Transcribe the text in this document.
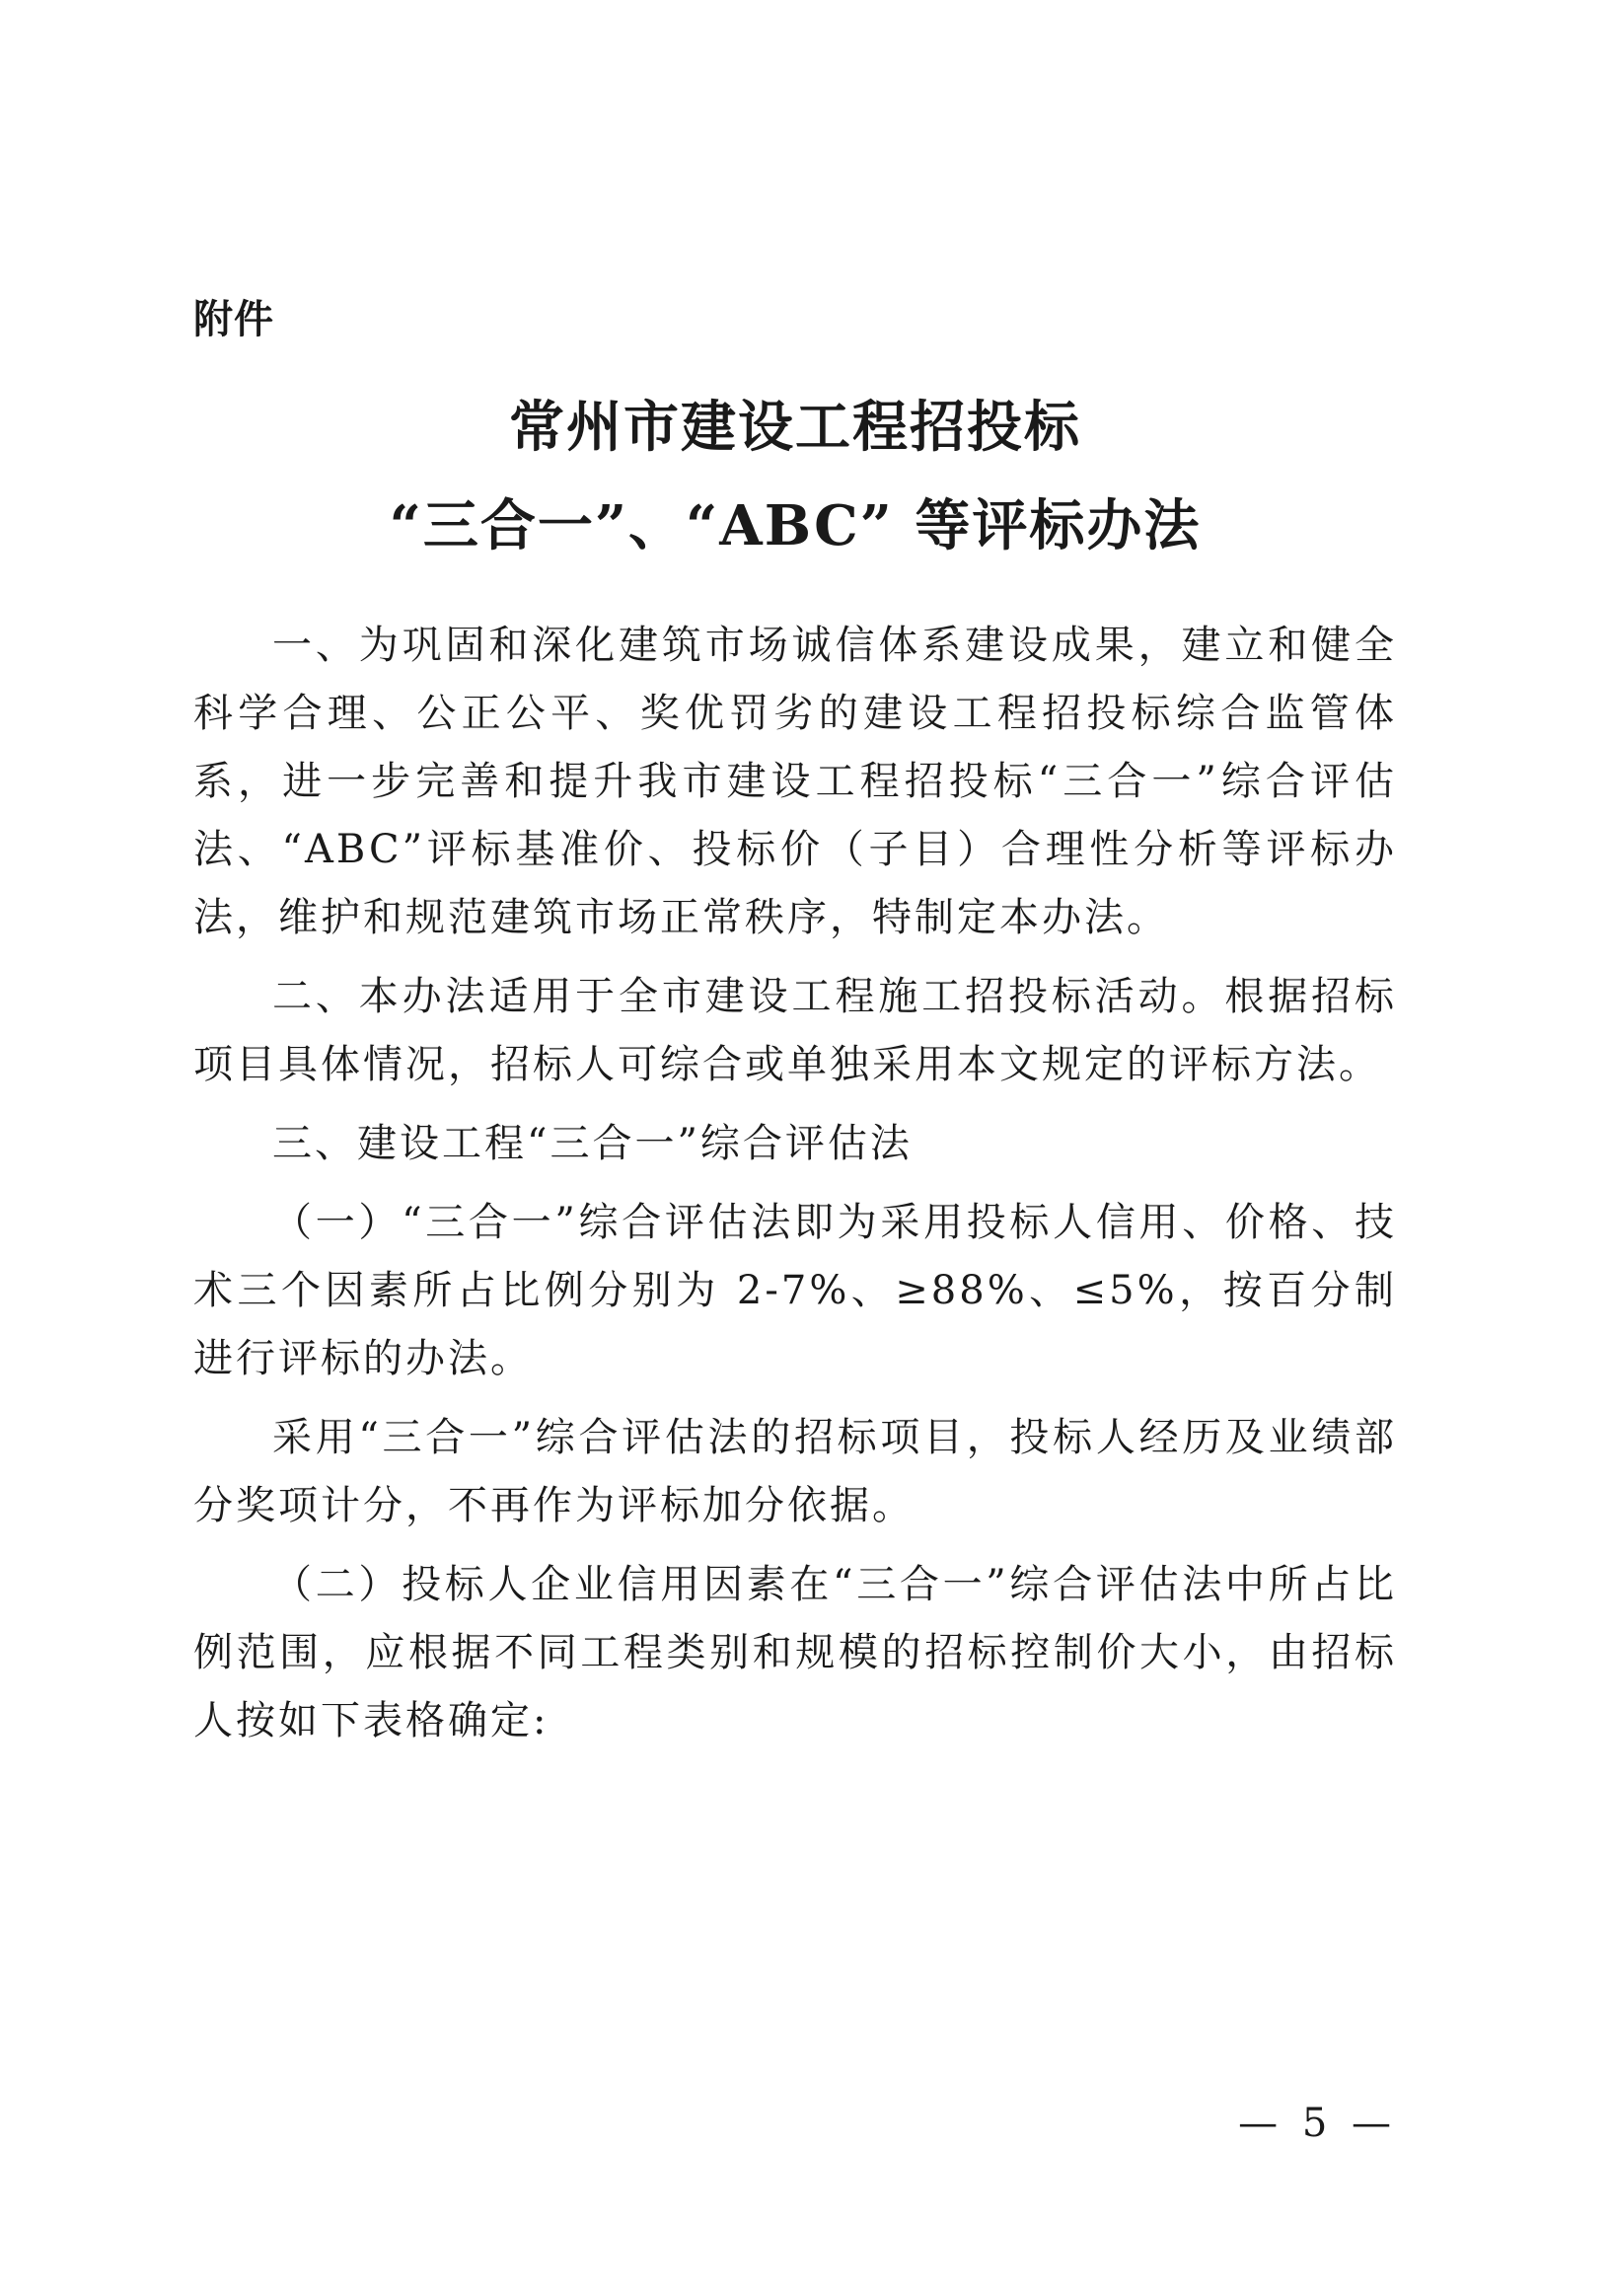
附件
常州市建设工程招投标
“三合一”、“ABC” 等评标办法

一、为巩固和深化建筑市场诚信体系建设成果，建立和健全科学合理、公正公平、奖优罚劣的建设工程招投标综合监管体系，进一步完善和提升我市建设工程招投标“三合一”综合评估法、“ABC”评标基准价、投标价（子目）合理性分析等评标办法，维护和规范建筑市场正常秩序，特制定本办法。

二、本办法适用于全市建设工程施工招投标活动。根据招标项目具体情况，招标人可综合或单独采用本文规定的评标方法。

三、建设工程“三合一”综合评估法

（一）“三合一”综合评估法即为采用投标人信用、价格、技术三个因素所占比例分别为 2-7%、≥88%、≤5%，按百分制进行评标的办法。

采用“三合一”综合评估法的招标项目，投标人经历及业绩部分奖项计分，不再作为评标加分依据。

（二）投标人企业信用因素在“三合一”综合评估法中所占比例范围，应根据不同工程类别和规模的招标控制价大小，由招标人按如下表格确定:

— 5 —
